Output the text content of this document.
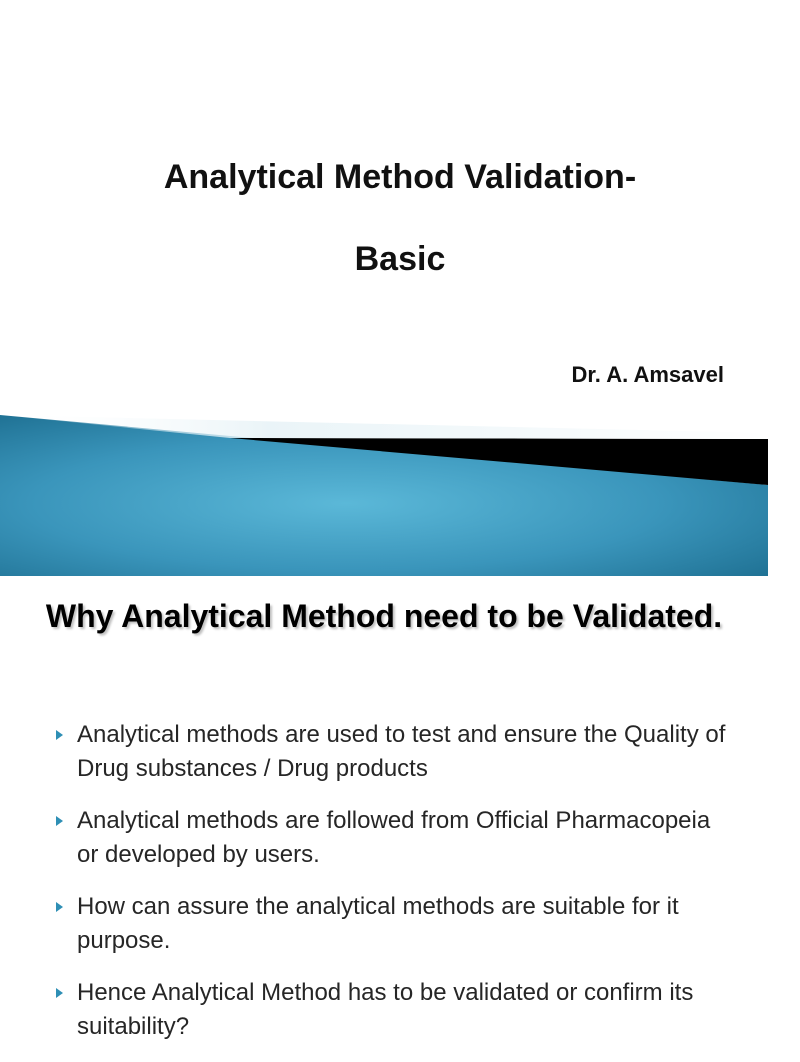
Analytical Method Validation-
Basic
Dr. A. Amsavel
Why Analytical Method need to be Validated.
Analytical methods are used to test and ensure the Quality of Drug substances / Drug products
Analytical methods are followed from Official Pharmacopeia or developed by users.
How can assure the analytical methods are suitable for it purpose.
Hence Analytical Method has to be validated or confirm its suitability?
